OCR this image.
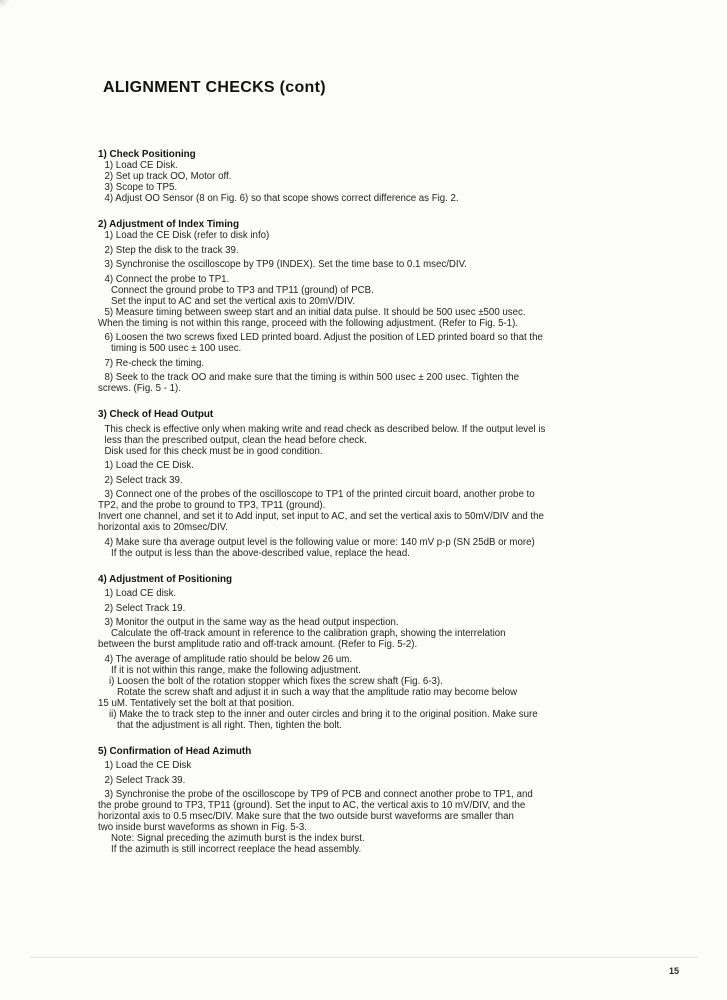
ALIGNMENT CHECKS (cont)
1) Check Positioning
1) Load CE Disk.
2) Set up track OO, Motor off.
3) Scope to TP5.
4) Adjust OO Sensor (8 on Fig. 6) so that scope shows correct difference as Fig. 2.
2) Adjustment of Index Timing
1) Load the CE Disk (refer to disk info)
2) Step the disk to the track 39.
3) Synchronise the oscilloscope by TP9 (INDEX). Set the time base to 0.1 msec/DIV.
4) Connect the probe to TP1.
Connect the ground probe to TP3 and TP11 (ground) of PCB.
Set the input to AC and set the vertical axis to 20mV/DIV.
5) Measure timing between sweep start and an initial data pulse. It should be 500 usec ±500 usec.
When the timing is not within this range, proceed with the following adjustment. (Refer to Fig. 5-1).
6) Loosen the two screws fixed LED printed board. Adjust the position of LED printed board so that the
timing is 500 usec ± 100 usec.
7) Re-check the timing.
8) Seek to the track OO and make sure that the timing is within 500 usec ± 200 usec. Tighten the
screws. (Fig. 5 - 1).
3) Check of Head Output
This check is effective only when making write and read check as described below. If the output level is
less than the prescribed output, clean the head before check.
Disk used for this check must be in good condition.
1) Load the CE Disk.
2) Select track 39.
3) Connect one of the probes of the oscilloscope to TP1 of the printed circuit board, another probe to
TP2, and the probe to ground to TP3, TP11 (ground).
Invert one channel, and set it to Add input, set input to AC, and set the vertical axis to 50mV/DIV and the
horizontal axis to 20msec/DIV.
4) Make sure tha average output level is the following value or more: 140 mV p-p (SN 25dB or more)
If the output is less than the above-described value, replace the head.
4) Adjustment of Positioning
1) Load CE disk.
2) Select Track 19.
3) Monitor the output in the same way as the head output inspection.
Calculate the off-track amount in reference to the calibration graph, showing the interrelation
between the burst amplitude ratio and off-track amount. (Refer to Fig. 5-2).
4) The average of amplitude ratio should be below 26 um.
If it is not within this range, make the following adjustment.
i) Loosen the bolt of the rotation stopper which fixes the screw shaft (Fig. 6-3).
Rotate the screw shaft and adjust it in such a way that the amplitude ratio may become below
15 uM. Tentatively set the bolt at that position.
ii) Make the to track step to the inner and outer circles and bring it to the original position. Make sure
that the adjustment is all right. Then, tighten the bolt.
5) Confirmation of Head Azimuth
1) Load the CE Disk
2) Select Track 39.
3) Synchronise the probe of the oscilloscope by TP9 of PCB and connect another probe to TP1, and
the probe ground to TP3, TP11 (ground). Set the input to AC, the vertical axis to 10 mV/DIV, and the
horizontal axis to 0.5 msec/DIV. Make sure that the two outside burst waveforms are smaller than
two inside burst waveforms as shown in Fig. 5-3.
Note: Signal preceding the azimuth burst is the index burst.
If the azimuth is still incorrect reeplace the head assembly.
15
